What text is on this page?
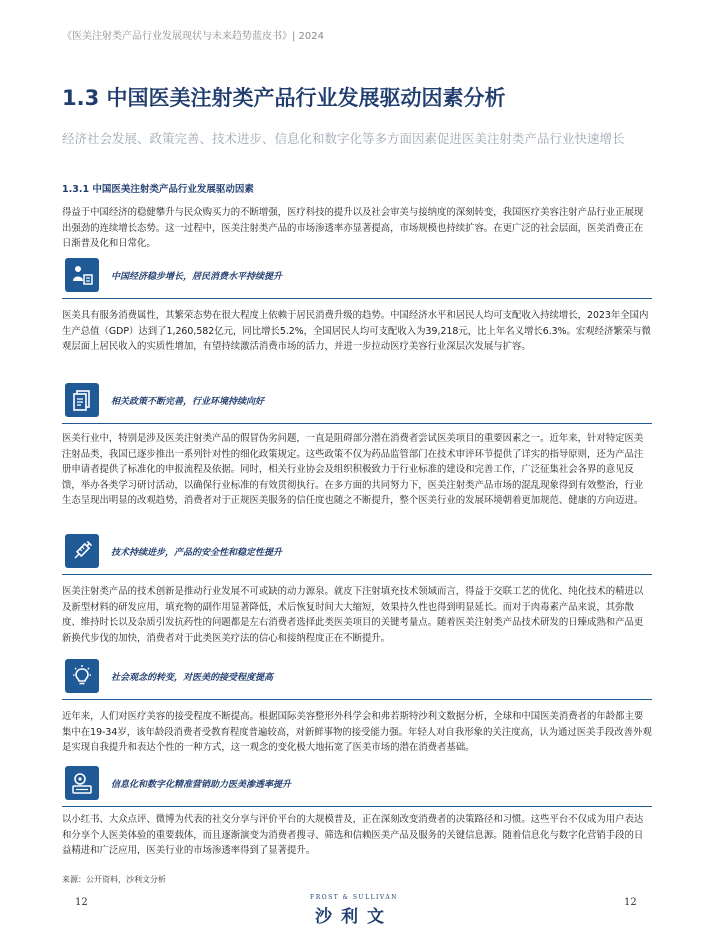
《医美注射类产品行业发展现状与未来趋势蓝皮书》| 2024
1.3 中国医美注射类产品行业发展驱动因素分析
经济社会发展、政策完善、技术进步、信息化和数字化等多方面因素促进医美注射类产品行业快速增长
1.3.1 中国医美注射类产品行业发展驱动因素
得益于中国经济的稳健攀升与民众购买力的不断增强，医疗科技的提升以及社会审美与接纳度的深刻转变，我国医疗美容注射产品行业正展现出强劲的连续增长态势。这一过程中，医美注射类产品的市场渗透率亦显著提高，市场规模也持续扩容。在更广泛的社会层面，医美消费正在日渐普及化和日常化。
中国经济稳步增长，居民消费水平持续提升
医美具有服务消费属性，其繁荣态势在很大程度上依赖于居民消费升级的趋势。中国经济水平和居民人均可支配收入持续增长，2023年全国内生产总值（GDP）达到了1,260,582亿元，同比增长5.2%，全国居民人均可支配收入为39,218元，比上年名义增长6.3%。宏观经济繁荣与微观层面上居民收入的实质性增加，有望持续激活消费市场的活力，并进一步拉动医疗美容行业深层次发展与扩容。
相关政策不断完善，行业环境持续向好
医美行业中，特别是涉及医美注射类产品的假冒伪劣问题，一直是阻碍部分潜在消费者尝试医美项目的重要因素之一。近年来，针对特定医美注射品类，我国已逐步推出一系列针对性的细化政策规定。这些政策不仅为药品监管部门在技术审评环节提供了详实的指导原则，还为产品注册申请者提供了标准化的申报流程及依据。同时，相关行业协会及组织积极致力于行业标准的建设和完善工作，广泛征集社会各界的意见反馈，举办各类学习研讨活动，以确保行业标准的有效贯彻执行。在多方面的共同努力下，医美注射类产品市场的混乱现象得到有效整治，行业生态呈现出明显的改观趋势，消费者对于正规医美服务的信任度也随之不断提升，整个医美行业的发展环境朝着更加规范、健康的方向迈进。
技术持续进步，产品的安全性和稳定性提升
医美注射类产品的技术创新是推动行业发展不可或缺的动力源泉。就皮下注射填充技术领域而言，得益于交联工艺的优化、纯化技术的精进以及新型材料的研发应用，填充物的副作用显著降低，术后恢复时间大大缩短，效果持久性也得到明显延长。而对于肉毒素产品来说，其弥散度、维持时长以及杂质引发抗药性的问题都是左右消费者选择此类医美项目的关键考量点。随着医美注射类产品技术研发的日臻成熟和产品更新换代步伐的加快，消费者对于此类医美疗法的信心和接纳程度正在不断提升。
社会观念的转变，对医美的接受程度提高
近年来，人们对医疗美容的接受程度不断提高。根据国际美容整形外科学会和弗若斯特沙利文数据分析，全球和中国医美消费者的年龄都主要集中在19-34岁，该年龄段消费者受教育程度普遍较高，对新鲜事物的接受能力强。年轻人对自我形象的关注度高，认为通过医美手段改善外观是实现自我提升和表达个性的一种方式，这一观念的变化极大地拓宽了医美市场的潜在消费者基础。
信息化和数字化精准营销助力医美渗透率提升
以小红书、大众点评、微博为代表的社交分享与评价平台的大规模普及，正在深刻改变消费者的决策路径和习惯。这些平台不仅成为用户表达和分享个人医美体验的重要载体，而且逐渐演变为消费者搜寻、筛选和信赖医美产品及服务的关键信息源。随着信息化与数字化营销手段的日益精进和广泛应用，医美行业的市场渗透率得到了显著提升。
来源：公开资料，沙利文分析
12	FROST & SULLIVAN
沙利文
12
